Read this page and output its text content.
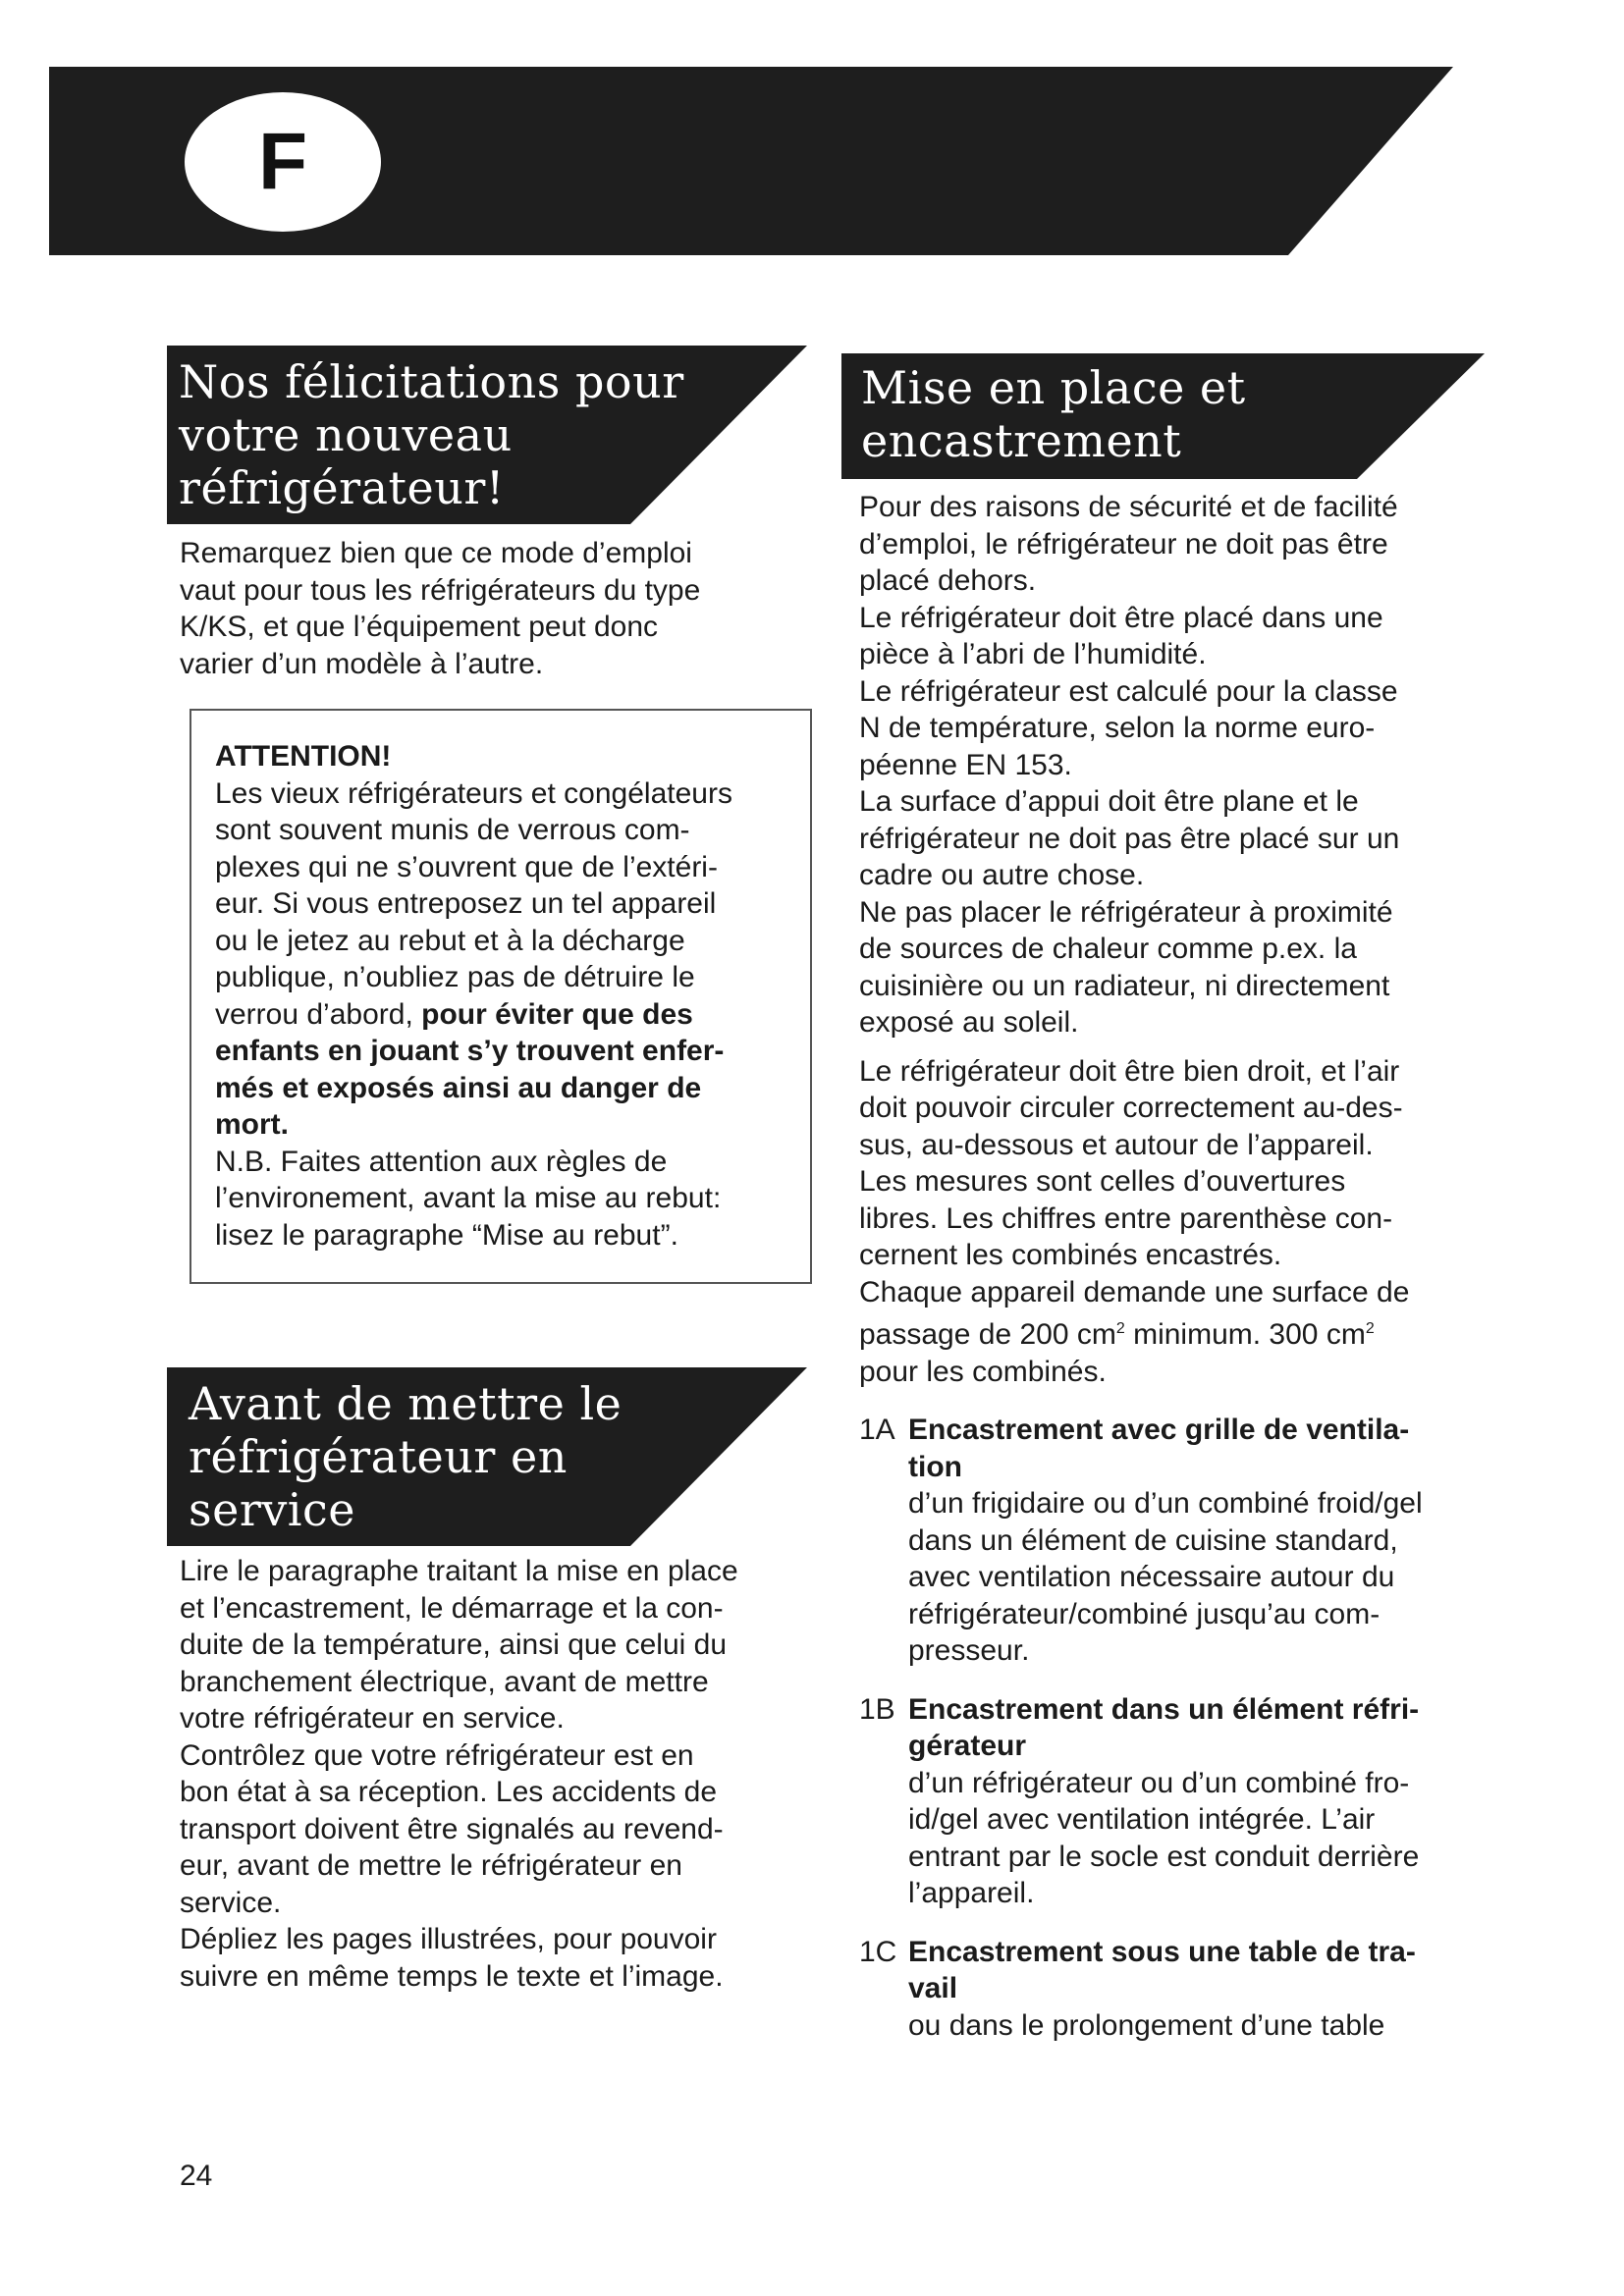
F
Nos félicitations pour
votre nouveau
réfrigérateur!

Remarquez bien que ce mode d’emploi

vaut pour tous les réfrigérateurs du type

K/KS, et que l’équipement peut donc

varier d’un modèle à l’autre.

ATTENTION!
Les vieux réfrigérateurs et congélateurs
sont souvent munis de verrous com-
plexes qui ne s’ouvrent que de l’extéri-
eur. Si vous entreposez un tel appareil
ou le jetez au rebut et à la décharge
publique, n’oubliez pas de détruire le
verrou d’abord, pour éviter que des
enfants en jouant s’y trouvent enfer-
més et exposés ainsi au danger de
mort.
N.B. Faites attention aux règles de
l’environement, avant la mise au rebut:
lisez le paragraphe “Mise au rebut”.
Avant de mettre le
réfrigérateur en
service

Lire le paragraphe traitant la mise en place

et l’encastrement, le démarrage et la con-

duite de la température, ainsi que celui du

branchement électrique, avant de mettre

votre réfrigérateur en service.

Contrôlez que votre réfrigérateur est en

bon état à sa réception. Les accidents de

transport doivent être signalés au revend-

eur, avant de mettre le réfrigérateur en

service.

Dépliez les pages illustrées, pour pouvoir

suivre en même temps le texte et l’image.

Mise en place et
encastrement

Pour des raisons de sécurité et de facilité

d’emploi, le réfrigérateur ne doit pas être

placé dehors.

Le réfrigérateur doit être placé dans une

pièce à l’abri de l’humidité.

Le réfrigérateur est calculé pour la classe

N de température, selon la norme euro-

péenne EN 153.

La surface d’appui doit être plane et le

réfrigérateur ne doit pas être placé sur un

cadre ou autre chose.

Ne pas placer le réfrigérateur à proximité

de sources de chaleur comme p.ex. la

cuisinière ou un radiateur, ni directement

exposé au soleil.

Le réfrigérateur doit être bien droit, et l’air

doit pouvoir circuler correctement au-des-

sus, au-dessous et autour de l’appareil.

Les mesures sont celles d’ouvertures

libres. Les chiffres entre parenthèse con-

cernent les combinés encastrés.

Chaque appareil demande une surface de

passage de 200 $cm^2$ minimum. 300 $cm^2$

pour les combinés.

1A Encastrement avec grille de ventila-
tion
d’un frigidaire ou d’un combiné froid/gel
dans un élément de cuisine standard,
avec ventilation nécessaire autour du
réfrigérateur/combiné jusqu’au com-
presseur.
1B Encastrement dans un élément réfri-
gérateur
d’un réfrigérateur ou d’un combiné fro-
id/gel avec ventilation intégrée. L’air
entrant par le socle est conduit derrière
l’appareil.
1C Encastrement sous une table de tra-
vail
ou dans le prolongement d’une table
24
